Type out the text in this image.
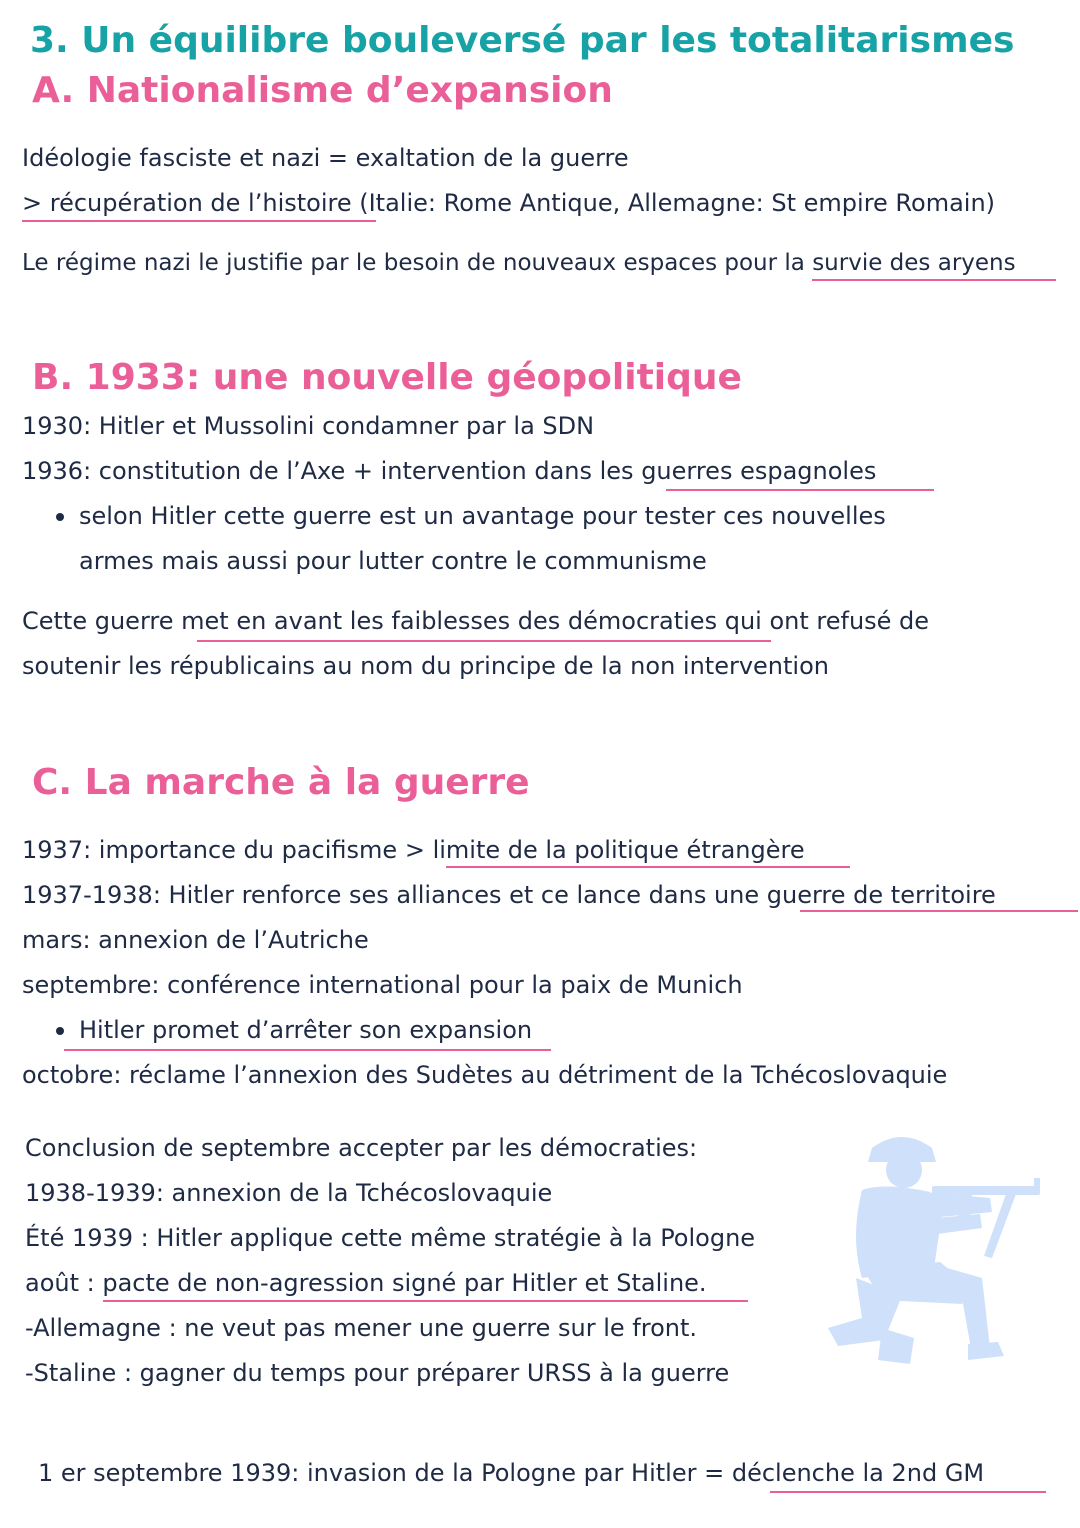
3. Un équilibre bouleversé par les totalitarismes
A. Nationalisme d’expansion
Idéologie fasciste et nazi = exaltation de la guerre
> récupération de l’histoire (Italie: Rome Antique, Allemagne: St empire Romain)
Le régime nazi le justifie par le besoin de nouveaux espaces pour la survie des aryens
B. 1933: une nouvelle géopolitique
1930: Hitler et Mussolini condamner par la SDN
1936: constitution de l’Axe + intervention dans les guerres espagnoles
selon Hitler cette guerre est un avantage pour tester ces nouvelles
armes mais aussi pour lutter contre le communisme
Cette guerre met en avant les faiblesses des démocraties qui ont refusé de
soutenir les républicains au nom du principe de la non intervention
C. La marche à la guerre
1937: importance du pacifisme > limite de la politique étrangère
1937-1938: Hitler renforce ses alliances et ce lance dans une guerre de territoire
mars: annexion de l’Autriche
septembre: conférence international pour la paix de Munich
Hitler promet d’arrêter son expansion
octobre: réclame l’annexion des Sudètes au détriment de la Tchécoslovaquie
Conclusion de septembre accepter par les démocraties:
1938-1939: annexion de la Tchécoslovaquie
Été 1939 : Hitler applique cette même stratégie à la Pologne
août : pacte de non-agression signé par Hitler et Staline.
-Allemagne : ne veut pas mener une guerre sur le front.
-Staline : gagner du temps pour préparer URSS à la guerre
1 er septembre 1939: invasion de la Pologne par Hitler = déclenche la 2nd GM
